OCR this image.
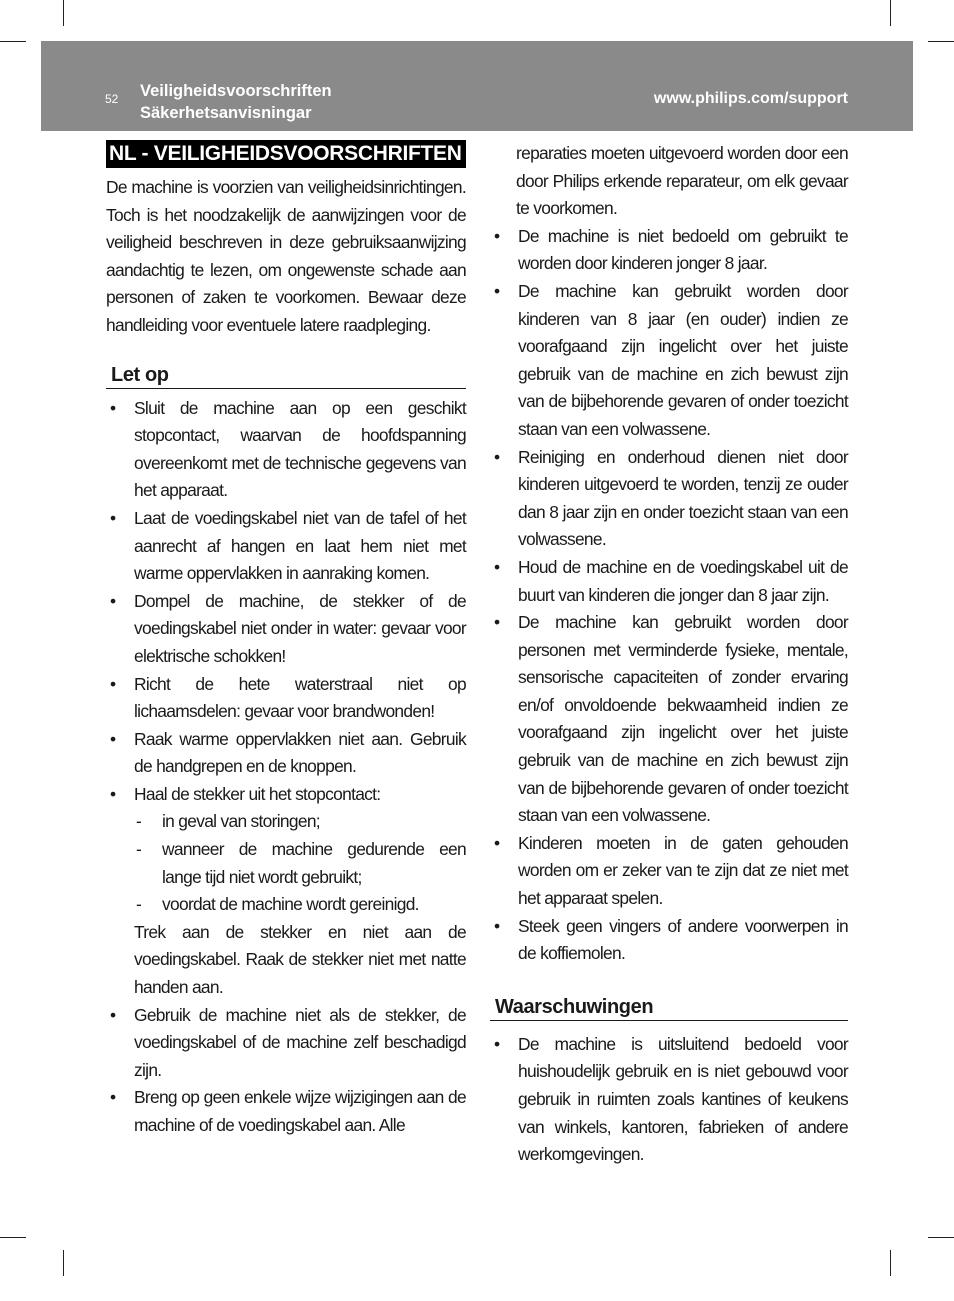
52 Veiligheidsvoorschriften
Säkerhetsanvisningar
www.philips.com/support
NL - VEILIGHEIDSVOORSCHRIFTEN

De machine is voorzien van veiligheidsinrichtingen. Toch is het noodzakelijk de aanwijzingen voor de veiligheid beschreven in deze gebruiksaanwijzing aandachtig te lezen, om ongewenste schade aan personen of zaken te voorkomen. Bewaar deze handleiding voor eventuele latere raadpleging.

Let op
• Sluit de machine aan op een geschikt stopcontact, waarvan de hoofdspanning overeenkomt met de technische gegevens van het apparaat.
• Laat de voedingskabel niet van de tafel of het aanrecht af hangen en laat hem niet met warme oppervlakken in aanraking komen.
• Dompel de machine, de stekker of de voedingskabel niet onder in water: gevaar voor elektrische schokken!
• Richt de hete waterstraal niet op lichaamsdelen: gevaar voor brandwonden!
• Raak warme oppervlakken niet aan. Gebruik de handgrepen en de knoppen.
• Haal de stekker uit het stopcontact:
- in geval van storingen;
- wanneer de machine gedurende een lange tijd niet wordt gebruikt;
- voordat de machine wordt gereinigd.
Trek aan de stekker en niet aan de voedingskabel. Raak de stekker niet met natte handen aan.
• Gebruik de machine niet als de stekker, de voedingskabel of de machine zelf beschadigd zijn.
• Breng op geen enkele wijze wijzigingen aan de machine of de voedingskabel aan. Alle
reparaties moeten uitgevoerd worden door een door Philips erkende reparateur, om elk gevaar te voorkomen.
• De machine is niet bedoeld om gebruikt te worden door kinderen jonger 8 jaar.
• De machine kan gebruikt worden door kinderen van 8 jaar (en ouder) indien ze voorafgaand zijn ingelicht over het juiste gebruik van de machine en zich bewust zijn van de bijbehorende gevaren of onder toezicht staan van een volwassene.
• Reiniging en onderhoud dienen niet door kinderen uitgevoerd te worden, tenzij ze ouder dan 8 jaar zijn en onder toezicht staan van een volwassene.
• Houd de machine en de voedingskabel uit de buurt van kinderen die jonger dan 8 jaar zijn.
• De machine kan gebruikt worden door personen met verminderde fysieke, mentale, sensorische capaciteiten of zonder ervaring en/of onvoldoende bekwaamheid indien ze voorafgaand zijn ingelicht over het juiste gebruik van de machine en zich bewust zijn van de bijbehorende gevaren of onder toezicht staan van een volwassene.
• Kinderen moeten in de gaten gehouden worden om er zeker van te zijn dat ze niet met het apparaat spelen.
• Steek geen vingers of andere voorwerpen in de koffiemolen.
Waarschuwingen
• De machine is uitsluitend bedoeld voor huishoudelijk gebruik en is niet gebouwd voor gebruik in ruimten zoals kantines of keukens van winkels, kantoren, fabrieken of andere werkomgevingen.
